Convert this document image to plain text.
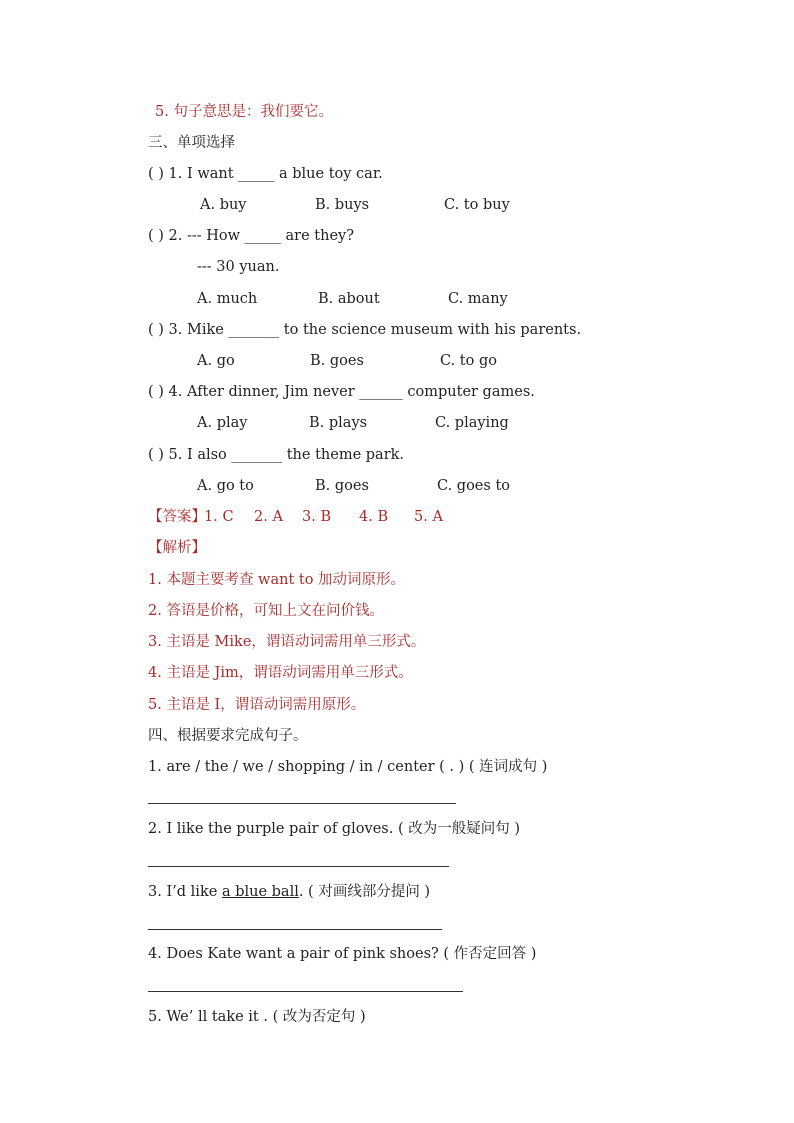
5. 句子意思是：我们要它。
三、单项选择
( ) 1. I want _____ a blue toy car.
A. buy	B. buys	C. to buy
( ) 2. --- How _____ are they?
--- 30 yuan.
A. much	B. about	C. many
( ) 3. Mike _______ to the science museum with his parents.
A. go	B. goes	C. to go
( ) 4. After dinner, Jim never ______ computer games.
A. play	B. plays	C. playing
( ) 5. I also _______ the theme park.
A. go to	B. goes	C. goes to
【答案】
1. C 2. A 3. B 4. B 5. A
【解析】
1. 本题主要考查 want to 加动词原形。
2. 答语是价格，可知上文在问价钱。
3. 主语是 Mike，谓语动词需用单三形式。
4. 主语是 Jim，谓语动词需用单三形式。
5. 主语是 I，谓语动词需用原形。
四、根据要求完成句子。
1. are / the / we / shopping / in / center ( . ) ( 连词成句 )
2. I like the purple pair of gloves. ( 改为一般疑问句 )
3. I’d like a blue ball. ( 对画线部分提问 )
4. Does Kate want a pair of pink shoes? ( 作否定回答 )
5. We’ ll take it . ( 改为否定句 )
